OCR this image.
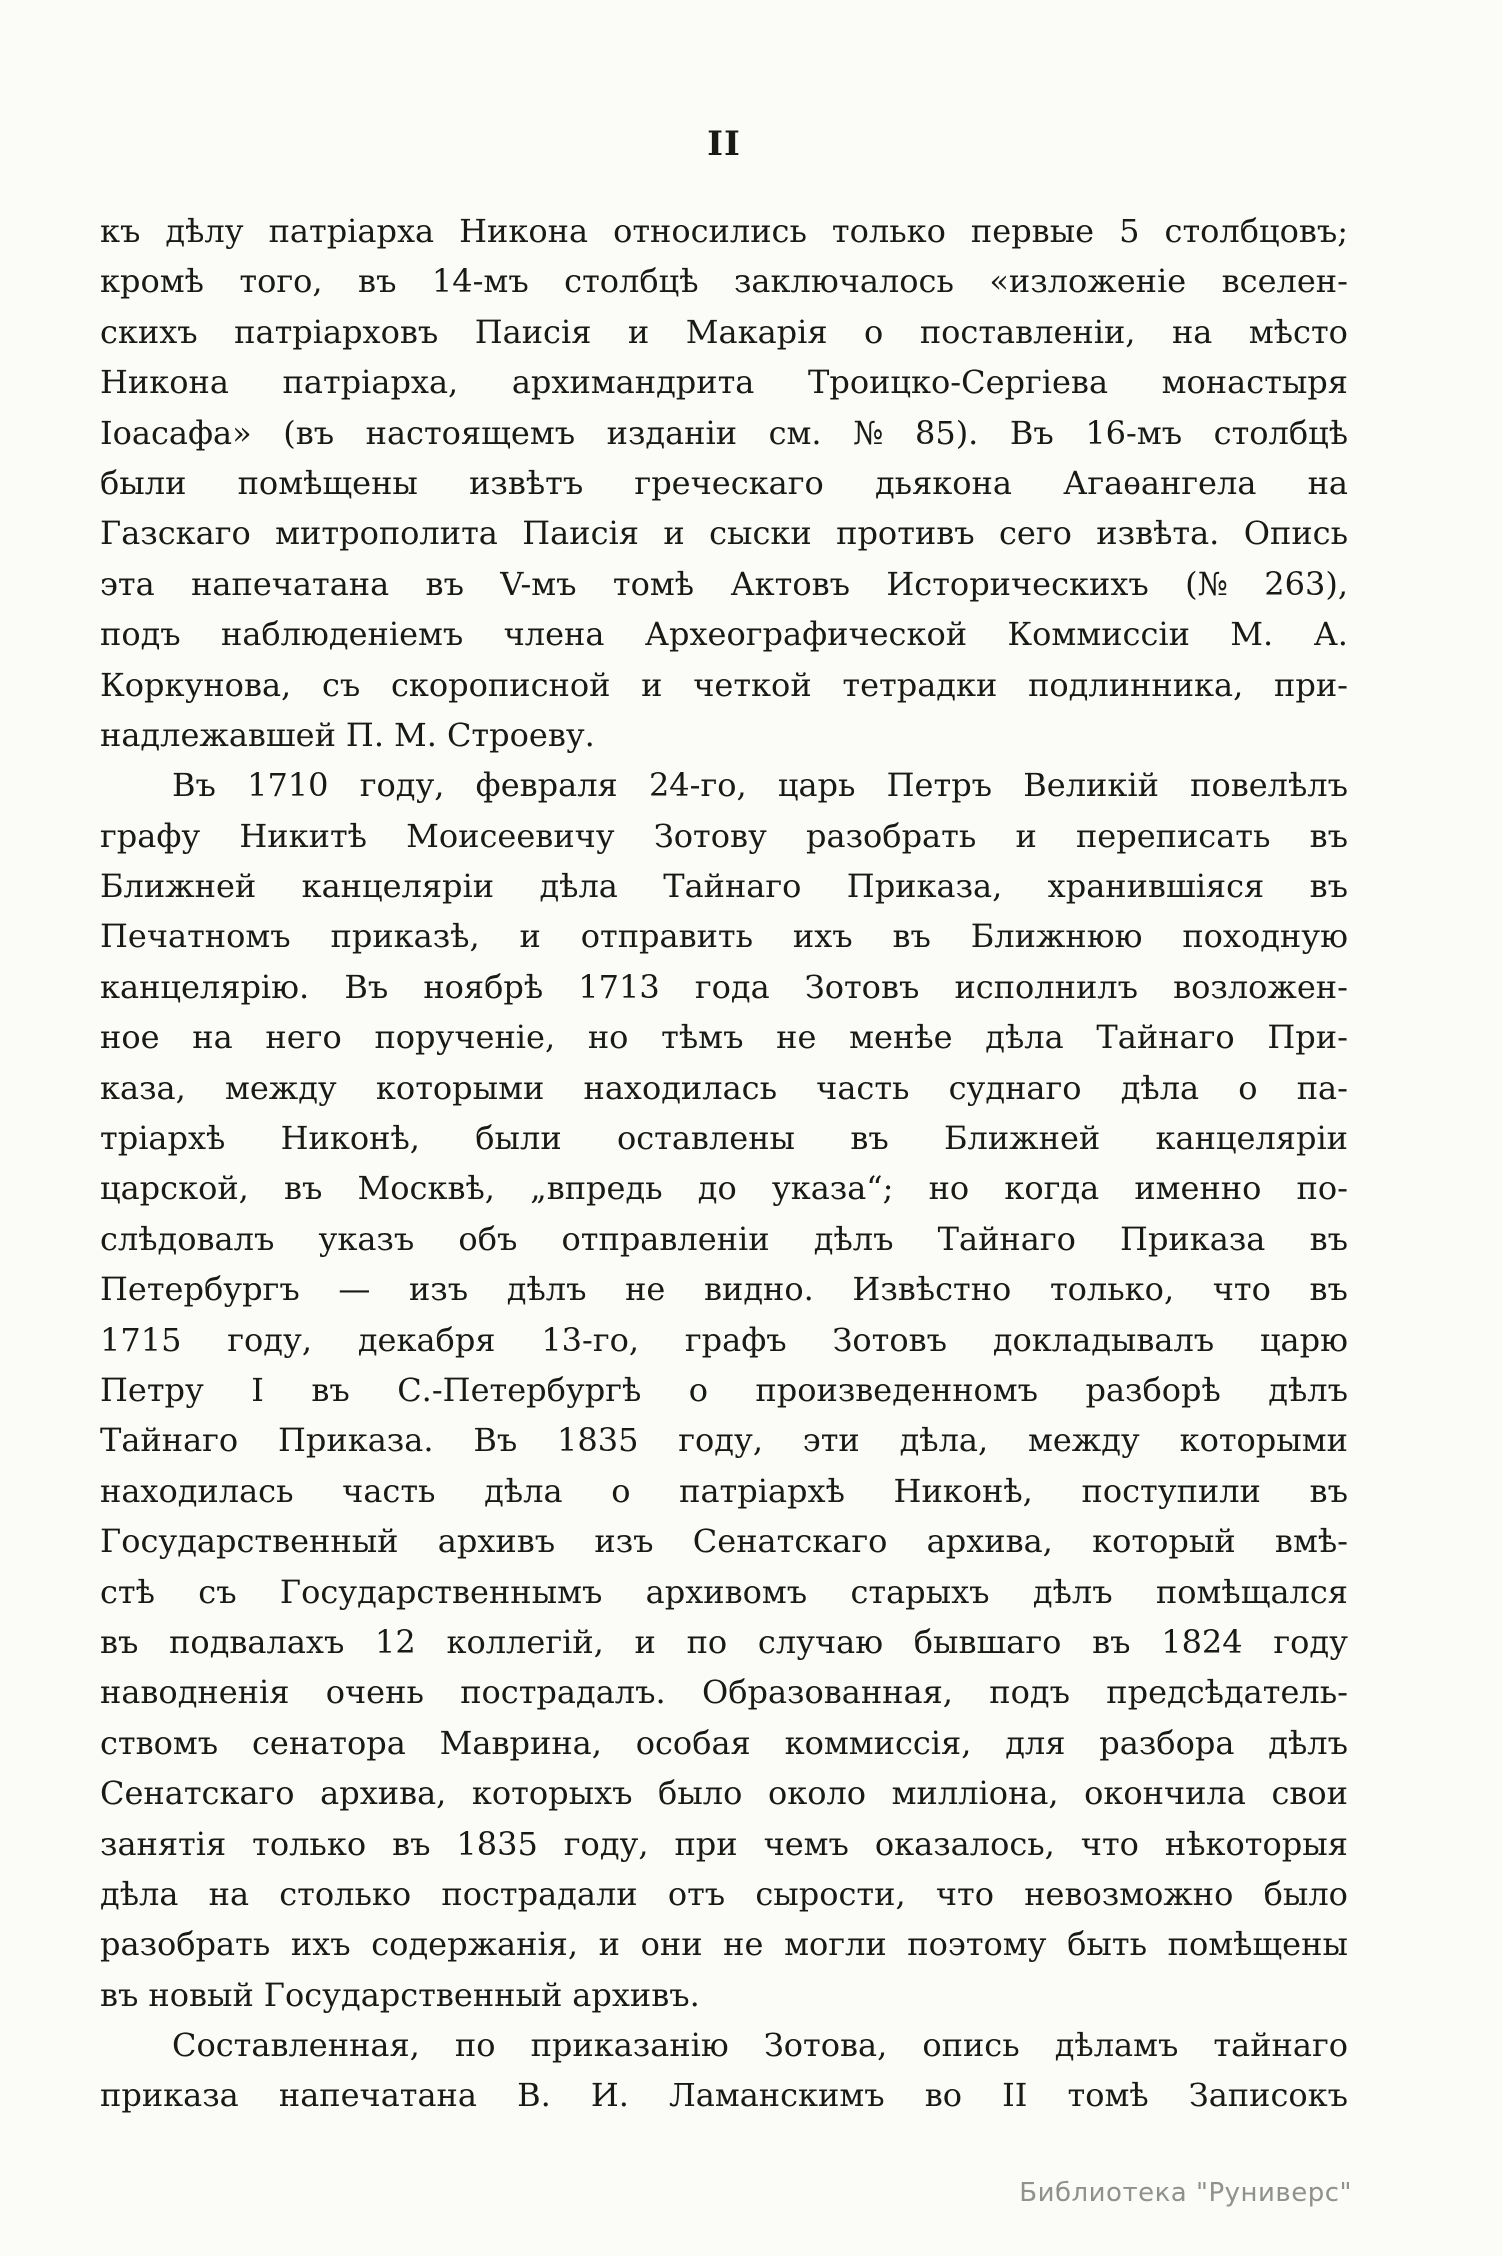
II
къ дѣлу патріарха Никона относились только первые 5 столбцовъ;
кромѣ того, въ 14-мъ столбцѣ заключалось «изложеніе вселен-
скихъ патріарховъ Паисія и Макарія о поставленіи, на мѣсто
Никона патріарха, архимандрита Троицко-Сергіева монастыря
Іоасафа» (въ настоящемъ изданіи см. № 85). Въ 16-мъ столбцѣ
были помѣщены извѣтъ греческаго дьякона Агаѳангела на
Газскаго митрополита Паисія и сыски противъ сего извѣта. Опись
эта напечатана въ V-мъ томѣ Актовъ Историческихъ (№ 263),
подъ наблюденіемъ члена Археографической Коммиссіи М. А.
Коркунова, съ скорописной и четкой тетрадки подлинника, при-
надлежавшей П. М. Строеву.
Въ 1710 году, февраля 24-го, царь Петръ Великій повелѣлъ
графу Никитѣ Моисеевичу Зотову разобрать и переписать въ
Ближней канцеляріи дѣла Тайнаго Приказа, хранившіяся въ
Печатномъ приказѣ, и отправить ихъ въ Ближнюю походную
канцелярію. Въ ноябрѣ 1713 года Зотовъ исполнилъ возложен-
ное на него порученіе, но тѣмъ не менѣе дѣла Тайнаго При-
каза, между которыми находилась часть суднаго дѣла о па-
тріархѣ Никонѣ, были оставлены въ Ближней канцеляріи
царской, въ Москвѣ, „впредь до указа“; но когда именно по-
слѣдовалъ указъ объ отправленіи дѣлъ Тайнаго Приказа въ
Петербургъ — изъ дѣлъ не видно. Извѣстно только, что въ
1715 году, декабря 13-го, графъ Зотовъ докладывалъ царю
Петру I въ С.-Петербургѣ о произведенномъ разборѣ дѣлъ
Тайнаго Приказа. Въ 1835 году, эти дѣла, между которыми
находилась часть дѣла о патріархѣ Никонѣ, поступили въ
Государственный архивъ изъ Сенатскаго архива, который вмѣ-
стѣ съ Государственнымъ архивомъ старыхъ дѣлъ помѣщался
въ подвалахъ 12 коллегій, и по случаю бывшаго въ 1824 году
наводненія очень пострадалъ. Образованная, подъ предсѣдатель-
ствомъ сенатора Маврина, особая коммиссія, для разбора дѣлъ
Сенатскаго архива, которыхъ было около милліона, окончила свои
занятія только въ 1835 году, при чемъ оказалось, что нѣкоторыя
дѣла на столько пострадали отъ сырости, что невозможно было
разобрать ихъ содержанія, и они не могли поэтому быть помѣщены
въ новый Государственный архивъ.
Составленная, по приказанію Зотова, опись дѣламъ тайнаго
приказа напечатана В. И. Ламанскимъ во II томѣ Записокъ
Библиотека "Руниверс"
